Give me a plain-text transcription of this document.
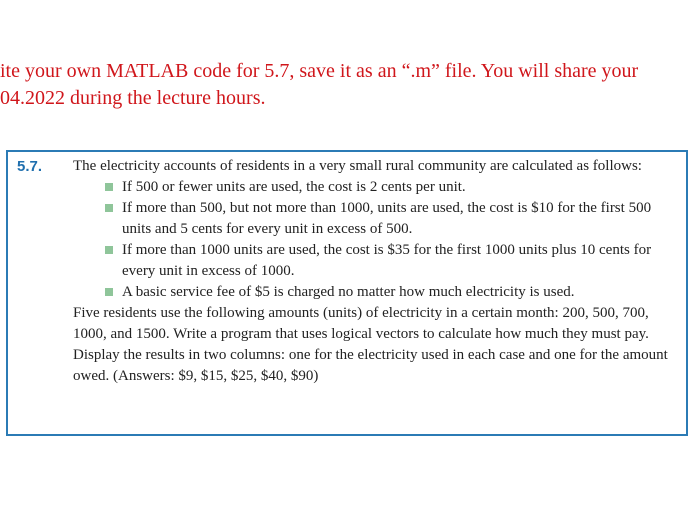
ite your own MATLAB code for 5.7, save it as an “.m” file. You will share your
04.2022 during the lecture hours.
5.7. The electricity accounts of residents in a very small rural community are calculated as follows:

If 500 or fewer units are used, the cost is 2 cents per unit.
If more than 500, but not more than 1000, units are used, the cost is $10 for the first 500 units and 5 cents for every unit in excess of 500.
If more than 1000 units are used, the cost is $35 for the first 1000 units plus 10 cents for every unit in excess of 1000.
A basic service fee of $5 is charged no matter how much electricity is used.

Five residents use the following amounts (units) of electricity in a certain month: 200, 500, 700, 1000, and 1500. Write a program that uses logical vectors to calculate how much they must pay. Display the results in two columns: one for the electricity used in each case and one for the amount owed. (Answers: $9, $15, $25, $40, $90)
